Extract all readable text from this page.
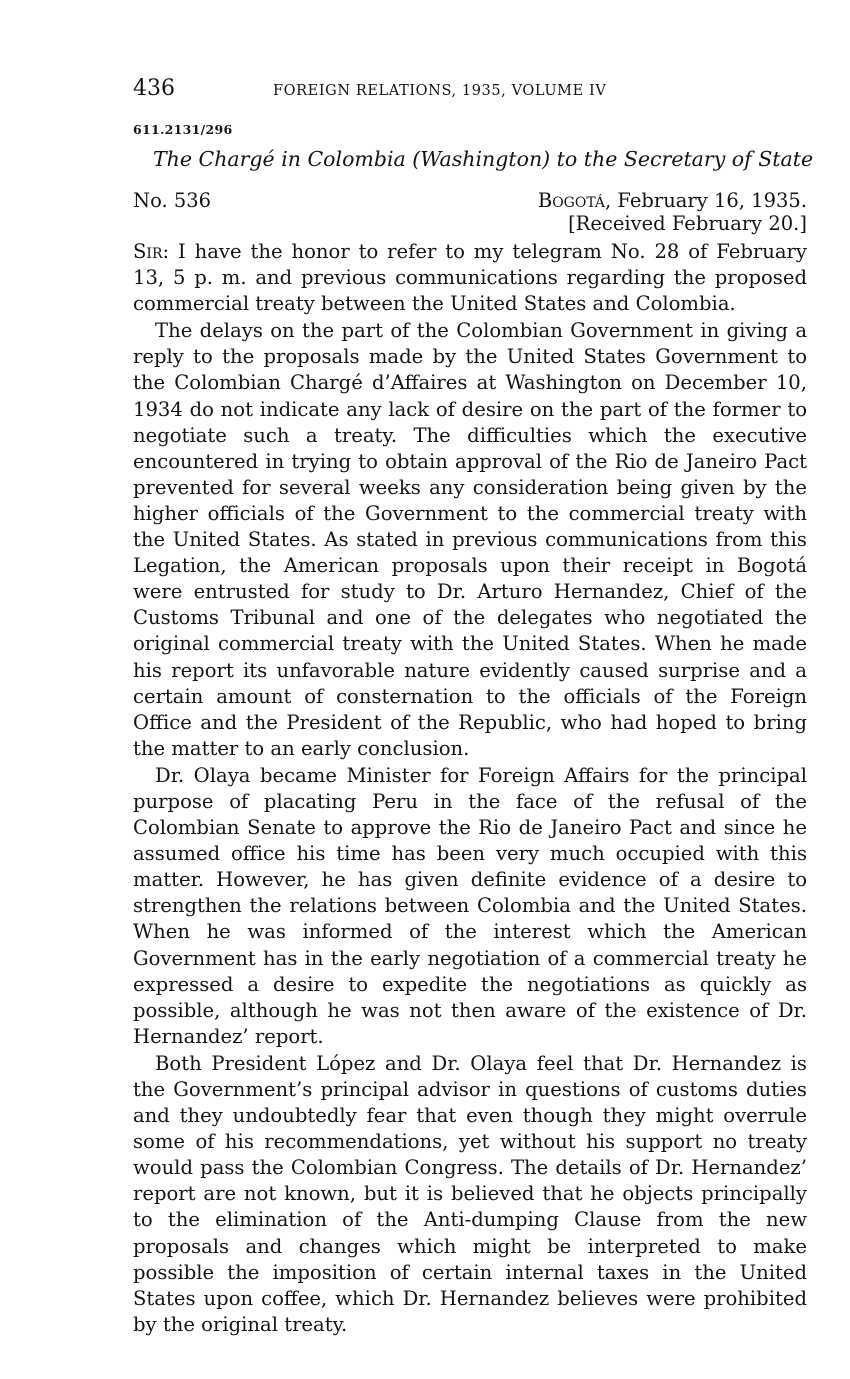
436	FOREIGN RELATIONS, 1935, VOLUME IV
611.2131/296
The Chargé in Colombia (Washington) to the Secretary of State
No. 536	Bogotá, February 16, 1935.
[Received February 20.]

Sir: I have the honor to refer to my telegram No. 28 of February 13, 5 p. m. and previous communications regarding the proposed commercial treaty between the United States and Colombia.

The delays on the part of the Colombian Government in giving a reply to the proposals made by the United States Government to the Colombian Chargé d’Affaires at Washington on December 10, 1934 do not indicate any lack of desire on the part of the former to negotiate such a treaty. The difficulties which the executive encountered in trying to obtain approval of the Rio de Janeiro Pact prevented for several weeks any consideration being given by the higher officials of the Government to the commercial treaty with the United States. As stated in previous communications from this Legation, the American proposals upon their receipt in Bogotá were entrusted for study to Dr. Arturo Hernandez, Chief of the Customs Tribunal and one of the delegates who negotiated the original commercial treaty with the United States. When he made his report its unfavorable nature evidently caused surprise and a certain amount of consternation to the officials of the Foreign Office and the President of the Republic, who had hoped to bring the matter to an early conclusion.

Dr. Olaya became Minister for Foreign Affairs for the principal purpose of placating Peru in the face of the refusal of the Colombian Senate to approve the Rio de Janeiro Pact and since he assumed office his time has been very much occupied with this matter. However, he has given definite evidence of a desire to strengthen the relations between Colombia and the United States. When he was informed of the interest which the American Government has in the early negotiation of a commercial treaty he expressed a desire to expedite the negotiations as quickly as possible, although he was not then aware of the existence of Dr. Hernandez’ report.

Both President López and Dr. Olaya feel that Dr. Hernandez is the Government’s principal advisor in questions of customs duties and they undoubtedly fear that even though they might overrule some of his recommendations, yet without his support no treaty would pass the Colombian Congress. The details of Dr. Hernandez’ report are not known, but it is believed that he objects principally to the elimination of the Anti-dumping Clause from the new proposals and changes which might be interpreted to make possible the imposition of certain internal taxes in the United States upon coffee, which Dr. Hernandez believes were prohibited by the original treaty.
